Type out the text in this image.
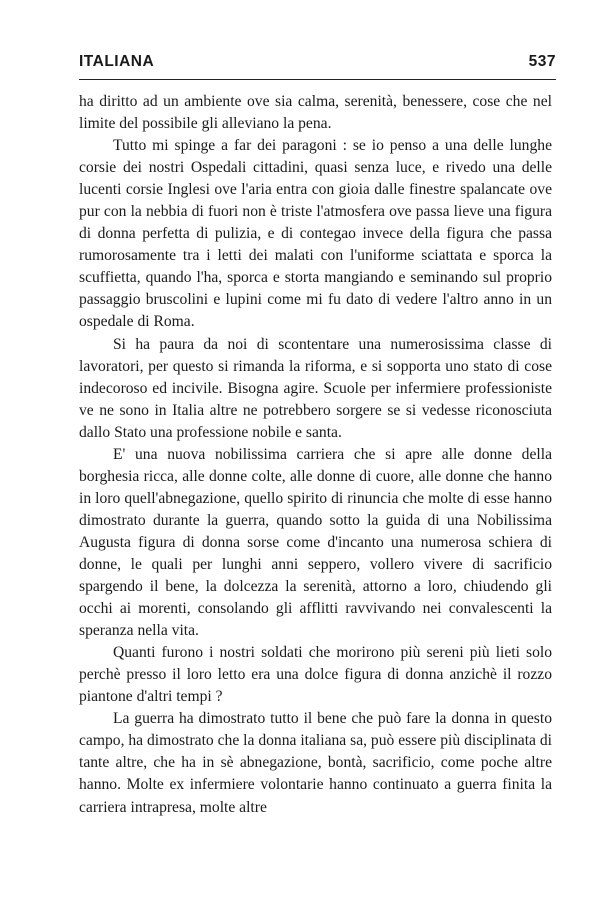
ITALIANA	537

ha diritto ad un ambiente ove sia calma, serenità, benessere, cose che nel limite del possibile gli alleviano la pena.

Tutto mi spinge a far dei paragoni : se io penso a una delle lunghe corsie dei nostri Ospedali cittadini, quasi senza luce, e rivedo una delle lucenti corsie Inglesi ove l'aria entra con gioia dalle finestre spalancate ove pur con la nebbia di fuori non è triste l'atmosfera ove passa lieve una figura di donna perfetta di pulizia, e di contegao invece della figura che passa rumorosamente tra i letti dei malati con l'uniforme sciattata e sporca la scuffietta, quando l'ha, sporca e storta mangiando e seminando sul proprio passaggio bruscolini e lupini come mi fu dato di vedere l'altro anno in un ospedale di Roma.

Si ha paura da noi di scontentare una numerosissima classe di lavoratori, per questo si rimanda la riforma, e si sopporta uno stato di cose indecoroso ed incivile. Bisogna agire. Scuole per infermiere professioniste ve ne sono in Italia altre ne potrebbero sorgere se si vedesse riconosciuta dallo Stato una professione nobile e santa.

E' una nuova nobilissima carriera che si apre alle donne della borghesia ricca, alle donne colte, alle donne di cuore, alle donne che hanno in loro quell'abnegazione, quello spirito di rinuncia che molte di esse hanno dimostrato durante la guerra, quando sotto la guida di una Nobilissima Augusta figura di donna sorse come d'incanto una numerosa schiera di donne, le quali per lunghi anni seppero, vollero vivere di sacrificio spargendo il bene, la dolcezza la serenità, attorno a loro, chiudendo gli occhi ai morenti, consolando gli afflitti ravvivando nei convalescenti la speranza nella vita.

Quanti furono i nostri soldati che morirono più sereni più lieti solo perchè presso il loro letto era una dolce figura di donna anzichè il rozzo piantone d'altri tempi ?

La guerra ha dimostrato tutto il bene che può fare la donna in questo campo, ha dimostrato che la donna italiana sa, può essere più disciplinata di tante altre, che ha in sè abnegazione, bontà, sacrificio, come poche altre hanno. Molte ex infermiere volontarie hanno continuato a guerra finita la carriera intrapresa, molte altre
